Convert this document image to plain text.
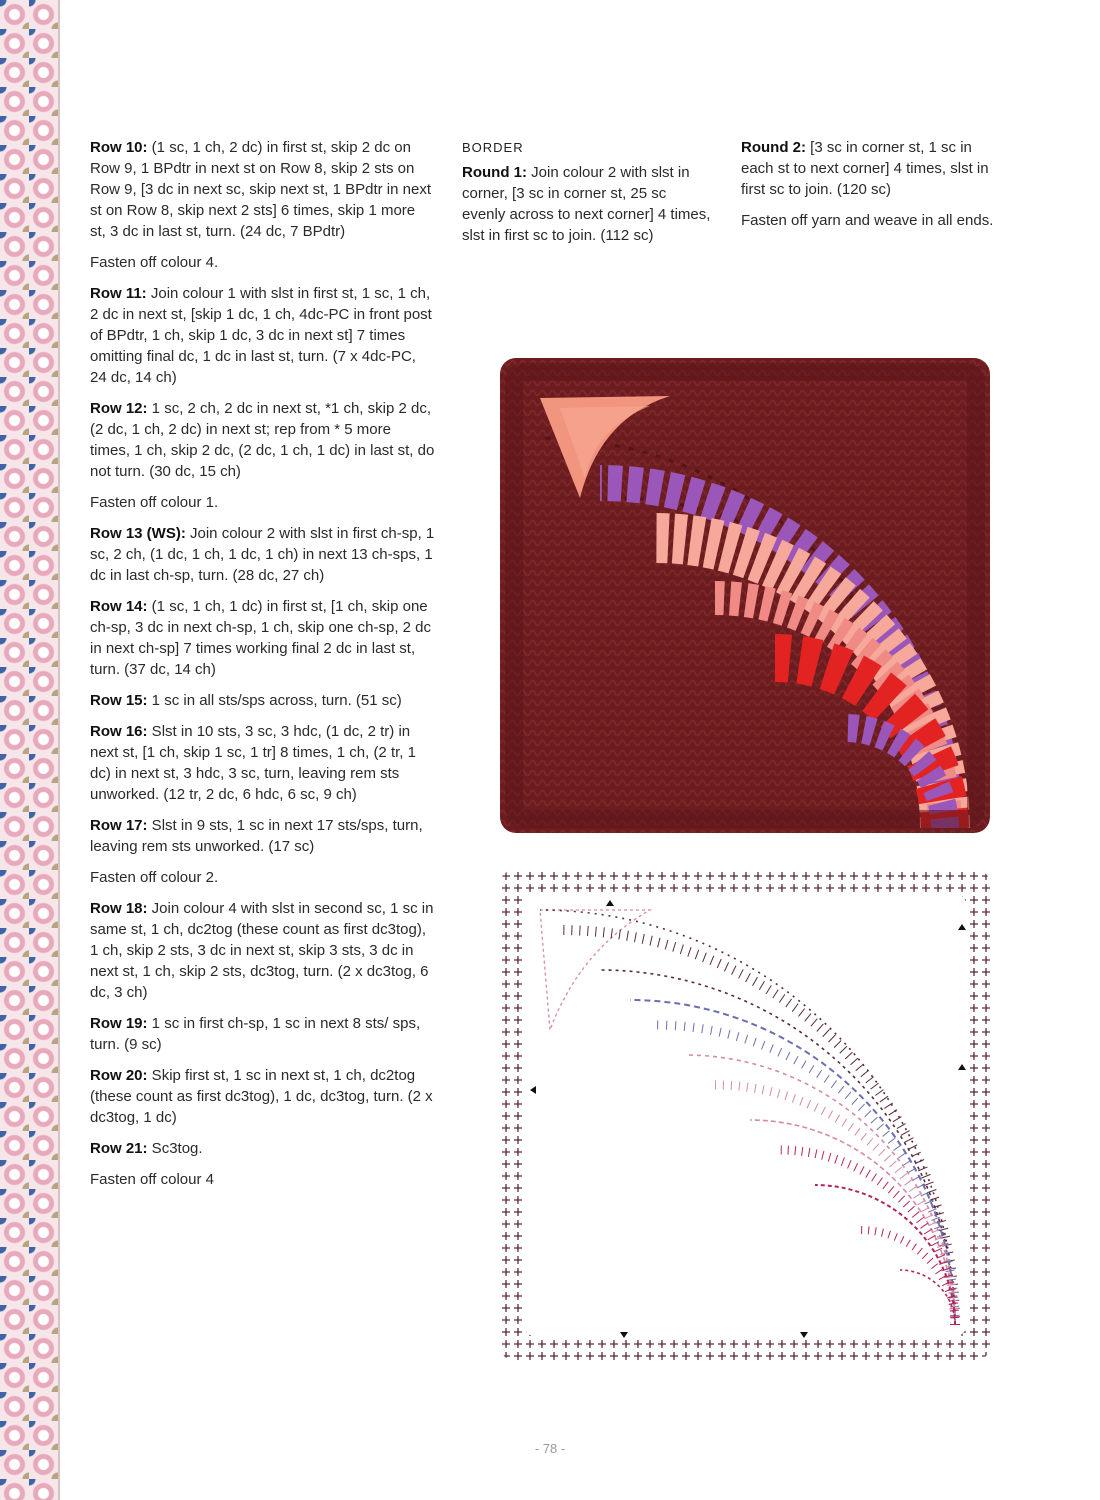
Row 10: (1 sc, 1 ch, 2 dc) in first st, skip 2 dc on Row 9, 1 BPdtr in next st on Row 8, skip 2 sts on Row 9, [3 dc in next sc, skip next st, 1 BPdtr in next st on Row 8, skip next 2 sts] 6 times, skip 1 more st, 3 dc in last st, turn. (24 dc, 7 BPdtr)

Fasten off colour 4.

Row 11: Join colour 1 with slst in first st, 1 sc, 1 ch, 2 dc in next st, [skip 1 dc, 1 ch, 4dc-PC in front post of BPdtr, 1 ch, skip 1 dc, 3 dc in next st] 7 times omitting final dc, 1 dc in last st, turn. (7 x 4dc-PC, 24 dc, 14 ch)

Row 12: 1 sc, 2 ch, 2 dc in next st, *1 ch, skip 2 dc, (2 dc, 1 ch, 2 dc) in next st; rep from * 5 more times, 1 ch, skip 2 dc, (2 dc, 1 ch, 1 dc) in last st, do not turn. (30 dc, 15 ch)

Fasten off colour 1.

Row 13 (WS): Join colour 2 with slst in first ch-sp, 1 sc, 2 ch, (1 dc, 1 ch, 1 dc, 1 ch) in next 13 ch-sps, 1 dc in last ch-sp, turn. (28 dc, 27 ch)

Row 14: (1 sc, 1 ch, 1 dc) in first st, [1 ch, skip one ch-sp, 3 dc in next ch-sp, 1 ch, skip one ch-sp, 2 dc in next ch-sp] 7 times working final 2 dc in last st, turn. (37 dc, 14 ch)

Row 15: 1 sc in all sts/sps across, turn. (51 sc)

Row 16: Slst in 10 sts, 3 sc, 3 hdc, (1 dc, 2 tr) in next st, [1 ch, skip 1 sc, 1 tr] 8 times, 1 ch, (2 tr, 1 dc) in next st, 3 hdc, 3 sc, turn, leaving rem sts unworked. (12 tr, 2 dc, 6 hdc, 6 sc, 9 ch)

Row 17: Slst in 9 sts, 1 sc in next 17 sts/sps, turn, leaving rem sts unworked. (17 sc)

Fasten off colour 2.

Row 18: Join colour 4 with slst in second sc, 1 sc in same st, 1 ch, dc2tog (these count as first dc3tog), 1 ch, skip 2 sts, 3 dc in next st, skip 3 sts, 3 dc in next st, 1 ch, skip 2 sts, dc3tog, turn. (2 x dc3tog, 6 dc, 3 ch)

Row 19: 1 sc in first ch-sp, 1 sc in next 8 sts/ sps, turn. (9 sc)

Row 20: Skip first st, 1 sc in next st, 1 ch, dc2tog (these count as first dc3tog), 1 dc, dc3tog, turn. (2 x dc3tog, 1 dc)

Row 21: Sc3tog.

Fasten off colour 4

BORDER

Round 1: Join colour 2 with slst in corner, [3 sc in corner st, 25 sc evenly across to next corner] 4 times, slst in first sc to join. (112 sc)

Round 2: [3 sc in corner st, 1 sc in each st to next corner] 4 times, slst in first sc to join. (120 sc)

Fasten off yarn and weave in all ends.

- 78 -
